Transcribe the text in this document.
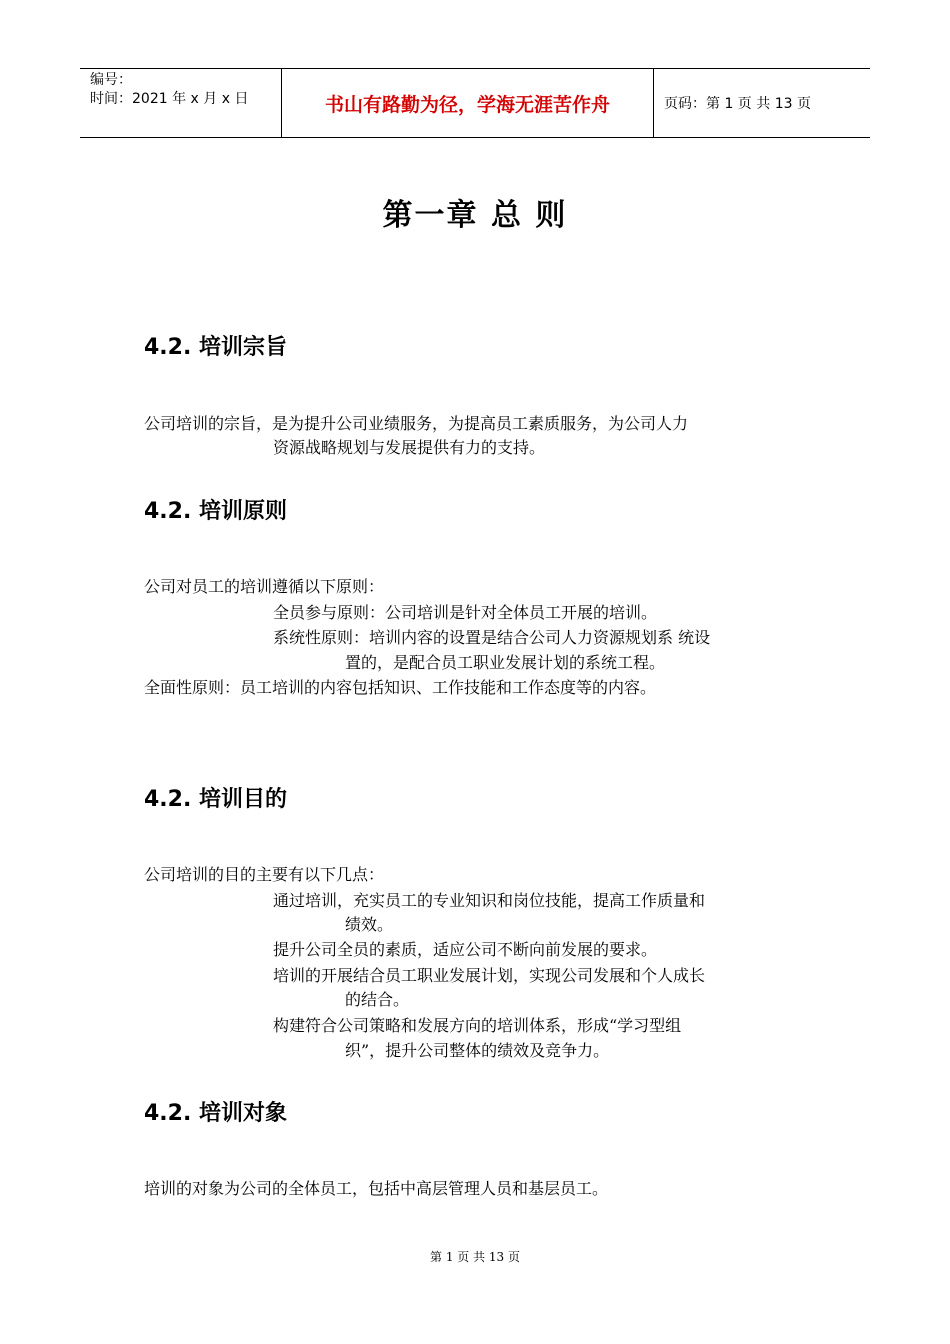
编号：
时间：2021 年 x 月 x 日	书山有路勤为径，学海无涯苦作舟	页码：第 1 页 共 13 页
第一章 总 则
4.2. 培训宗旨
公司培训的宗旨，是为提升公司业绩服务，为提高员工素质服务，为公司人力
资源战略规划与发展提供有力的支持。
4.2. 培训原则
公司对员工的培训遵循以下原则：
全员参与原则：公司培训是针对全体员工开展的培训。
系统性原则：培训内容的设置是结合公司人力资源规划系 统设
置的，是配合员工职业发展计划的系统工程。
全面性原则：员工培训的内容包括知识、工作技能和工作态度等的内容。
4.2. 培训目的
公司培训的目的主要有以下几点：
通过培训，充实员工的专业知识和岗位技能，提高工作质量和
绩效。
提升公司全员的素质，适应公司不断向前发展的要求。
培训的开展结合员工职业发展计划，实现公司发展和个人成长
的结合。
构建符合公司策略和发展方向的培训体系，形成“学习型组
织”，提升公司整体的绩效及竞争力。
4.2. 培训对象
培训的对象为公司的全体员工，包括中高层管理人员和基层员工。
第 1 页 共 13 页
